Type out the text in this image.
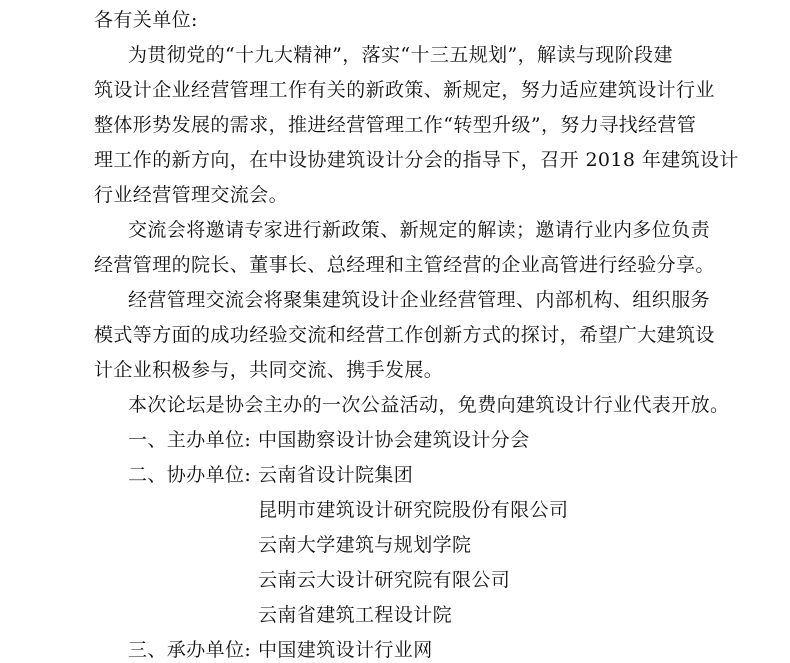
各有关单位:
为贯彻党的“十九大精神”，落实“十三五规划”，解读与现阶段建
筑设计企业经营管理工作有关的新政策、新规定，努力适应建筑设计行业
整体形势发展的需求，推进经营管理工作“转型升级”，努力寻找经营管
理工作的新方向，在中设协建筑设计分会的指导下，召开 2018 年建筑设计
行业经营管理交流会。
交流会将邀请专家进行新政策、新规定的解读；邀请行业内多位负责
经营管理的院长、董事长、总经理和主管经营的企业高管进行经验分享。
经营管理交流会将聚集建筑设计企业经营管理、内部机构、组织服务
模式等方面的成功经验交流和经营工作创新方式的探讨，希望广大建筑设
计企业积极参与，共同交流、携手发展。
本次论坛是协会主办的一次公益活动，免费向建筑设计行业代表开放。
一、主办单位: 中国勘察设计协会建筑设计分会
二、协办单位: 云南省设计院集团
昆明市建筑设计研究院股份有限公司
云南大学建筑与规划学院
云南云大设计研究院有限公司
云南省建筑工程设计院
三、承办单位: 中国建筑设计行业网
